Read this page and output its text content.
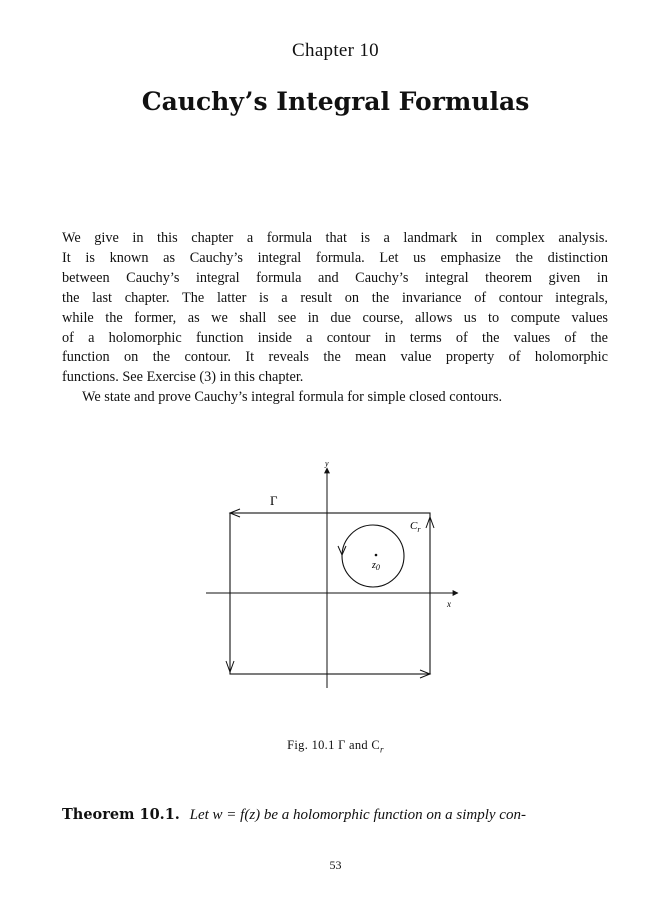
Chapter 10
Cauchy’s Integral Formulas
We give in this chapter a formula that is a landmark in complex analysis.
It is known as Cauchy’s integral formula. Let us emphasize the distinction
between Cauchy’s integral formula and Cauchy’s integral theorem given in
the last chapter. The latter is a result on the invariance of contour integrals,
while the former, as we shall see in due course, allows us to compute values
of a holomorphic function inside a contour in terms of the values of the
function on the contour. It reveals the mean value property of holomorphic
functions. See Exercise (3) in this chapter.
We state and prove Cauchy’s integral formula for simple closed contours.
Γ
$C_r$
$z_0$
x
y
Fig. 10.1 Γ and $C_r$
Theorem 10.1. Let w = f(z) be a holomorphic function on a simply con-
53
